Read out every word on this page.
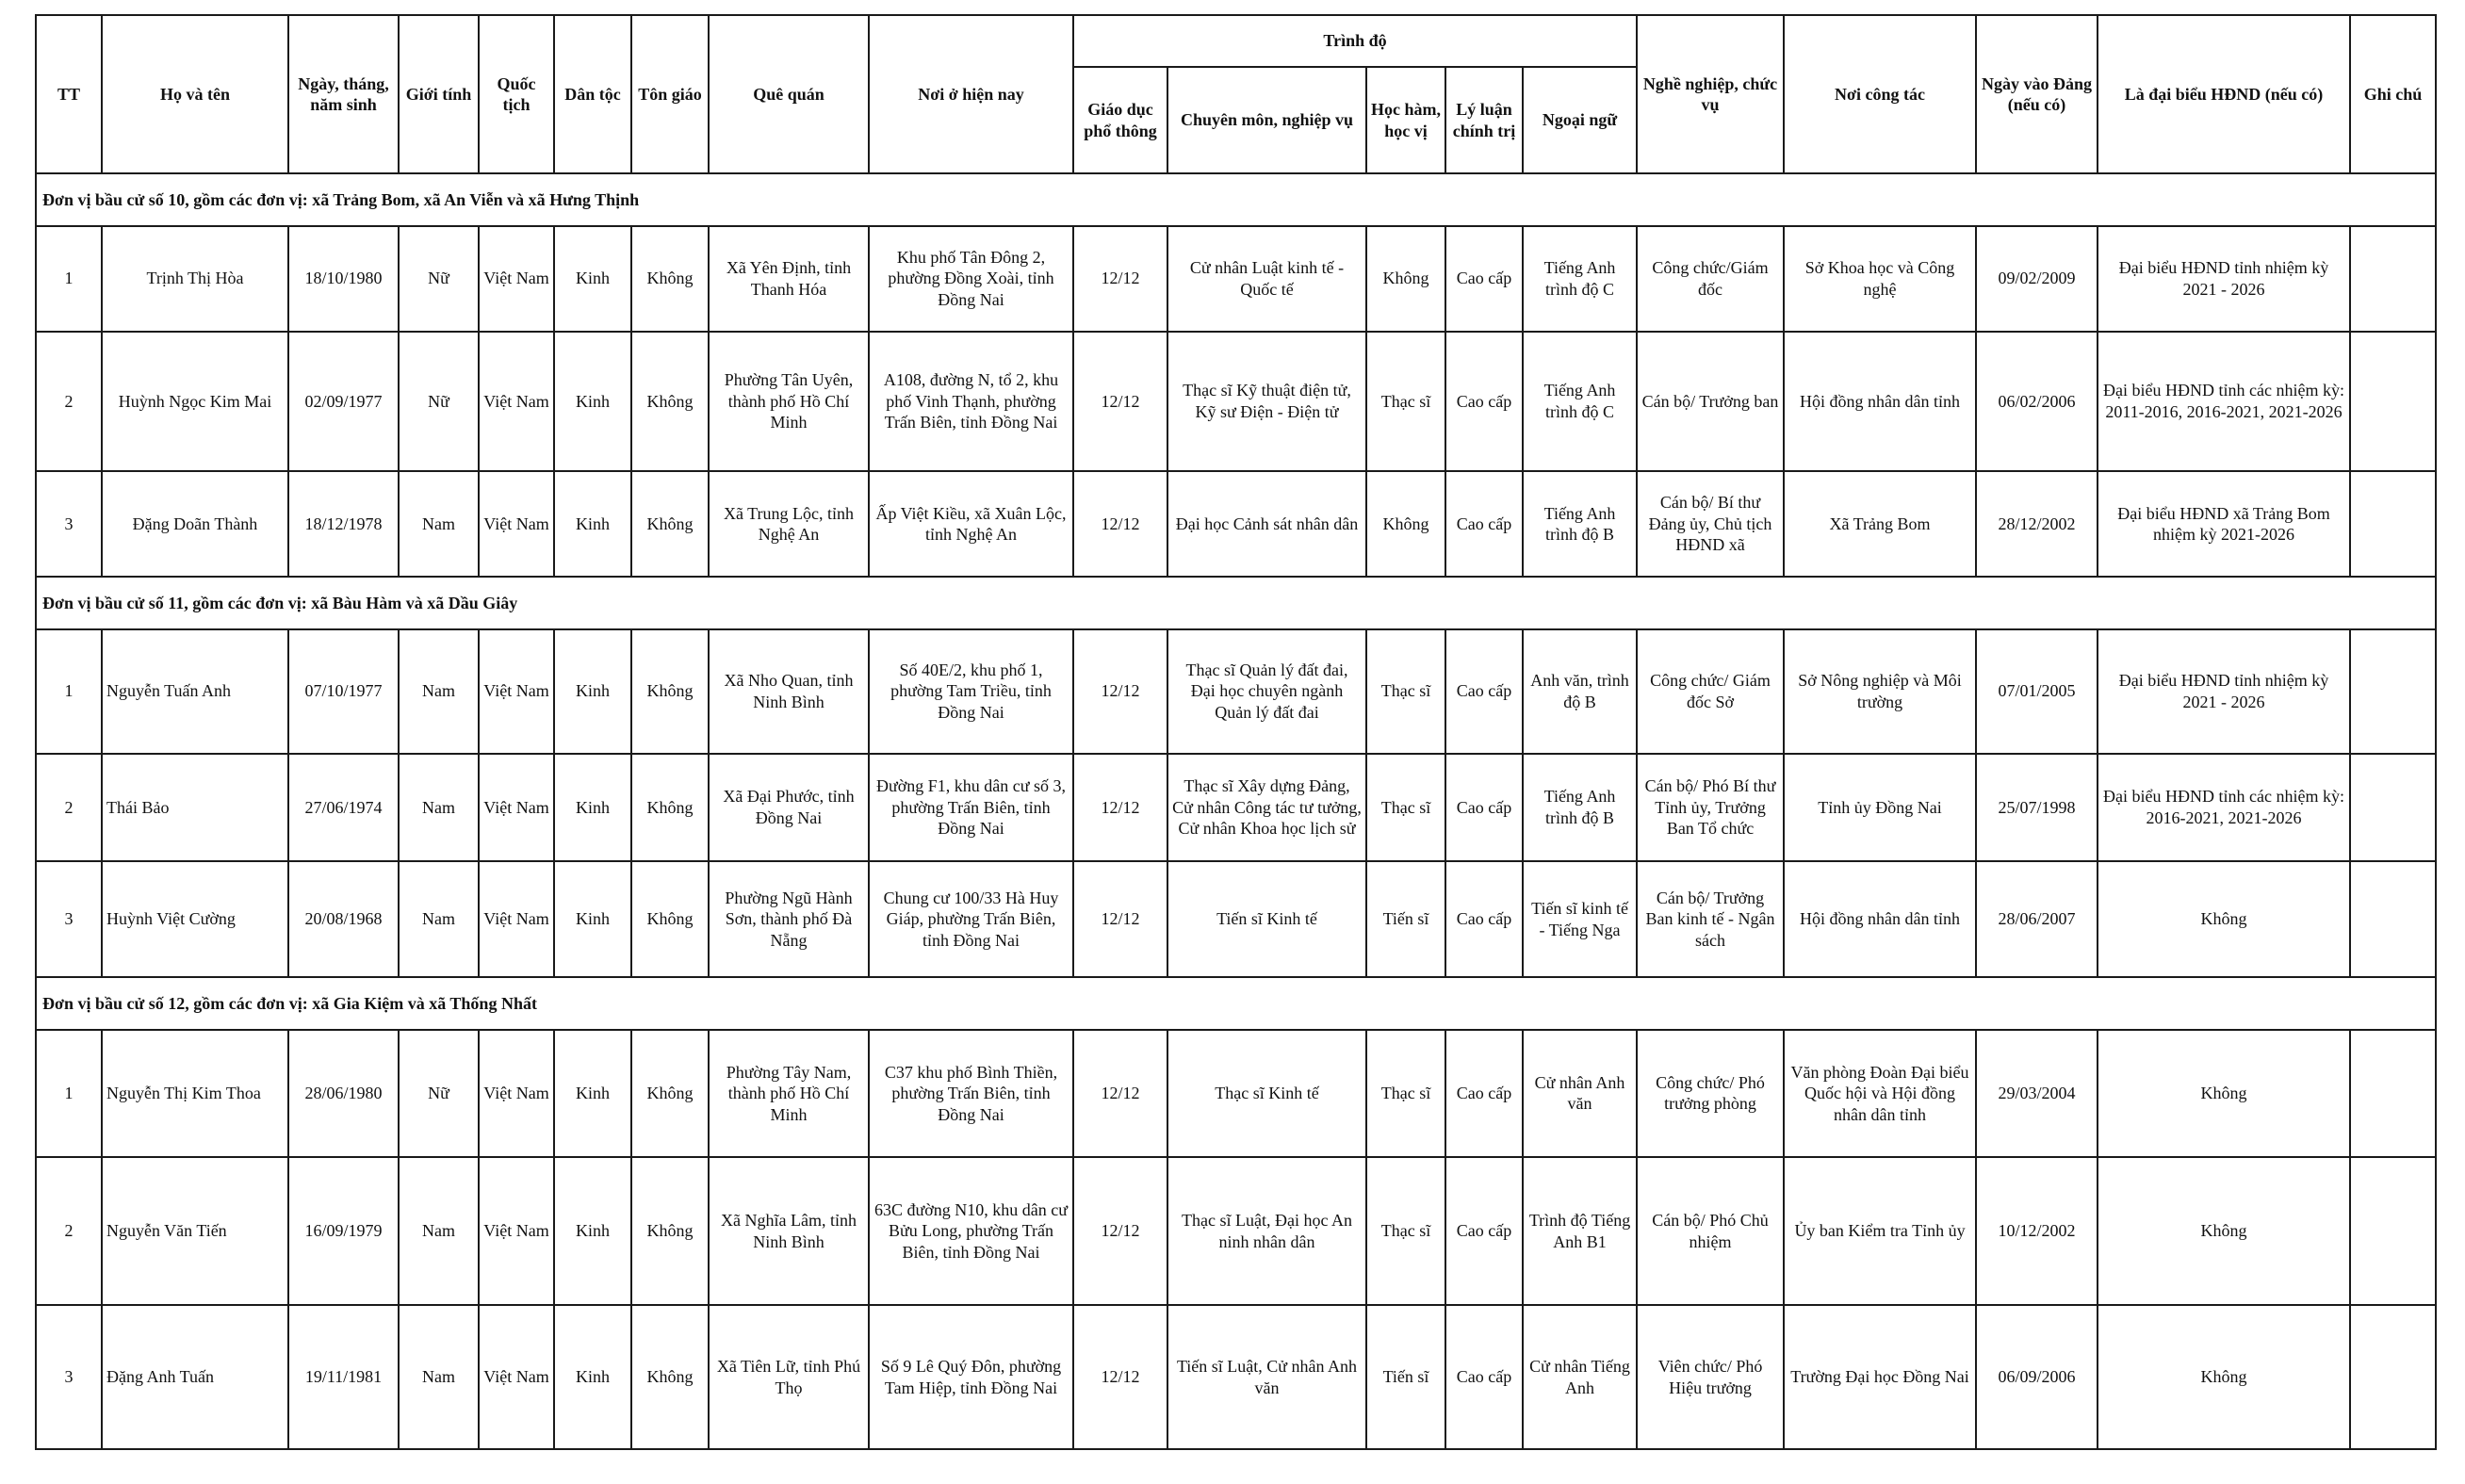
TT	Họ và tên	Ngày, tháng, năm sinh	Giới tính	Quốc tịch	Dân tộc	Tôn giáo	Quê quán	Nơi ở hiện nay	Trình độ					Nghề nghiệp, chức vụ	Nơi công tác	Ngày vào Đảng (nếu có)	Là đại biểu HĐND (nếu có)	Ghi chú
									Giáo dục phổ thông	Chuyên môn, nghiệp vụ	Học hàm, học vị	Lý luận chính trị	Ngoại ngữ					
Đơn vị bầu cử số 10, gồm các đơn vị: xã Trảng Bom, xã An Viễn và xã Hưng Thịnh																		
1	Trịnh Thị Hòa	18/10/1980	Nữ	Việt Nam	Kinh	Không	Xã Yên Định, tỉnh Thanh Hóa	Khu phố Tân Đông 2, phường Đồng Xoài, tỉnh Đồng Nai	12/12	Cử nhân Luật kinh tế - Quốc tế	Không	Cao cấp	Tiếng Anh trình độ C	Công chức/Giám đốc	Sở Khoa học và Công nghệ	09/02/2009	Đại biểu HĐND tỉnh nhiệm kỳ 2021 - 2026	
2	Huỳnh Ngọc Kim Mai	02/09/1977	Nữ	Việt Nam	Kinh	Không	Phường Tân Uyên, thành phố Hồ Chí Minh	A108, đường N, tổ 2, khu phố Vinh Thạnh, phường Trấn Biên, tỉnh Đồng Nai	12/12	Thạc sĩ Kỹ thuật điện tử, Kỹ sư Điện - Điện tử	Thạc sĩ	Cao cấp	Tiếng Anh trình độ C	Cán bộ/ Trưởng ban	Hội đồng nhân dân tỉnh	06/02/2006	Đại biểu HĐND tỉnh các nhiệm kỳ: 2011-2016, 2016-2021, 2021-2026	
3	Đặng Doãn Thành	18/12/1978	Nam	Việt Nam	Kinh	Không	Xã Trung Lộc, tỉnh Nghệ An	Ấp Việt Kiều, xã Xuân Lộc, tỉnh Nghệ An	12/12	Đại học Cảnh sát nhân dân	Không	Cao cấp	Tiếng Anh trình độ B	Cán bộ/ Bí thư Đảng ủy, Chủ tịch HĐND xã	Xã Trảng Bom	28/12/2002	Đại biểu HĐND xã Trảng Bom nhiệm kỳ 2021-2026	
Đơn vị bầu cử số 11, gồm các đơn vị: xã Bàu Hàm và xã Dầu Giây																		
1	Nguyễn Tuấn Anh	07/10/1977	Nam	Việt Nam	Kinh	Không	Xã Nho Quan, tỉnh Ninh Bình	Số 40E/2, khu phố 1, phường Tam Triều, tỉnh Đồng Nai	12/12	Thạc sĩ Quản lý đất đai, Đại học chuyên ngành Quản lý đất đai	Thạc sĩ	Cao cấp	Anh văn, trình độ B	Công chức/ Giám đốc Sở	Sở Nông nghiệp và Môi trường	07/01/2005	Đại biểu HĐND tỉnh nhiệm kỳ 2021 - 2026	
2	Thái Bảo	27/06/1974	Nam	Việt Nam	Kinh	Không	Xã Đại Phước, tỉnh Đồng Nai	Đường F1, khu dân cư số 3, phường Trấn Biên, tỉnh Đồng Nai	12/12	Thạc sĩ Xây dựng Đảng, Cử nhân Công tác tư tưởng, Cử nhân Khoa học lịch sử	Thạc sĩ	Cao cấp	Tiếng Anh trình độ B	Cán bộ/ Phó Bí thư Tỉnh ủy, Trưởng Ban Tổ chức	Tỉnh ủy Đồng Nai	25/07/1998	Đại biểu HĐND tỉnh các nhiệm kỳ: 2016-2021, 2021-2026	
3	Huỳnh Việt Cường	20/08/1968	Nam	Việt Nam	Kinh	Không	Phường Ngũ Hành Sơn, thành phố Đà Nẵng	Chung cư 100/33 Hà Huy Giáp, phường Trấn Biên, tỉnh Đồng Nai	12/12	Tiến sĩ Kinh tế	Tiến sĩ	Cao cấp	Tiến sĩ kinh tế - Tiếng Nga	Cán bộ/ Trưởng Ban kinh tế - Ngân sách	Hội đồng nhân dân tỉnh	28/06/2007	Không	
Đơn vị bầu cử số 12, gồm các đơn vị: xã Gia Kiệm và xã Thống Nhất																		
1	Nguyễn Thị Kim Thoa	28/06/1980	Nữ	Việt Nam	Kinh	Không	Phường Tây Nam, thành phố Hồ Chí Minh	C37 khu phố Bình Thiền, phường Trấn Biên, tỉnh Đồng Nai	12/12	Thạc sĩ Kinh tế	Thạc sĩ	Cao cấp	Cử nhân Anh văn	Công chức/ Phó trưởng phòng	Văn phòng Đoàn Đại biểu Quốc hội và Hội đồng nhân dân tỉnh	29/03/2004	Không	
2	Nguyễn Văn Tiến	16/09/1979	Nam	Việt Nam	Kinh	Không	Xã Nghĩa Lâm, tỉnh Ninh Bình	63C đường N10, khu dân cư Bửu Long, phường Trấn Biên, tỉnh Đồng Nai	12/12	Thạc sĩ Luật, Đại học An ninh nhân dân	Thạc sĩ	Cao cấp	Trình độ Tiếng Anh B1	Cán bộ/ Phó Chủ nhiệm	Ủy ban Kiểm tra Tỉnh ủy	10/12/2002	Không	
3	Đặng Anh Tuấn	19/11/1981	Nam	Việt Nam	Kinh	Không	Xã Tiên Lữ, tỉnh Phú Thọ	Số 9 Lê Quý Đôn, phường Tam Hiệp, tỉnh Đồng Nai	12/12	Tiến sĩ Luật, Cử nhân Anh văn	Tiến sĩ	Cao cấp	Cử nhân Tiếng Anh	Viên chức/ Phó Hiệu trưởng	Trường Đại học Đồng Nai	06/09/2006	Không	
